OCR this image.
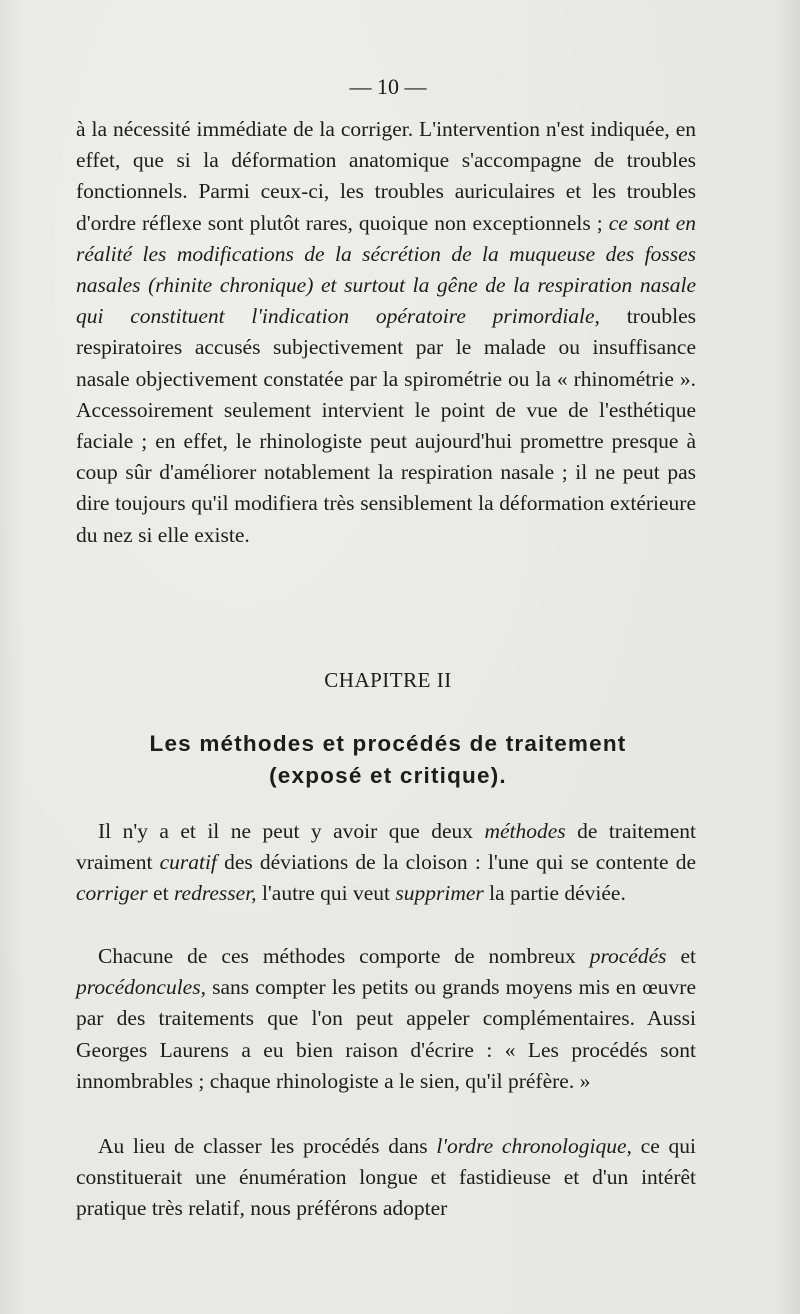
— 10 —

à la nécessité immédiate de la corriger. L'intervention n'est indiquée, en effet, que si la déformation anatomique s'accompagne de troubles fonctionnels. Parmi ceux-ci, les troubles auriculaires et les troubles d'ordre réflexe sont plutôt rares, quoique non exceptionnels ; ce sont en réalité les modifications de la sécrétion de la muqueuse des fosses nasales (rhinite chronique) et surtout la gêne de la respiration nasale qui constituent l'indication opératoire primordiale, troubles respiratoires accusés subjectivement par le malade ou insuffisance nasale objectivement constatée par la spirométrie ou la « rhinométrie ». Accessoirement seulement intervient le point de vue de l'esthétique faciale ; en effet, le rhinologiste peut aujourd'hui promettre presque à coup sûr d'améliorer notablement la respiration nasale ; il ne peut pas dire toujours qu'il modifiera très sensiblement la déformation extérieure du nez si elle existe.

CHAPITRE II
Les méthodes et procédés de traitement
(exposé et critique).

Il n'y a et il ne peut y avoir que deux méthodes de traitement vraiment curatif des déviations de la cloison : l'une qui se contente de corriger et redresser, l'autre qui veut supprimer la partie déviée.

Chacune de ces méthodes comporte de nombreux procédés et procédoncules, sans compter les petits ou grands moyens mis en œuvre par des traitements que l'on peut appeler complémentaires. Aussi Georges Laurens a eu bien raison d'écrire : « Les procédés sont innombrables ; chaque rhinologiste a le sien, qu'il préfère. »

Au lieu de classer les procédés dans l'ordre chronologique, ce qui constituerait une énumération longue et fastidieuse et d'un intérêt pratique très relatif, nous préférons adopter
